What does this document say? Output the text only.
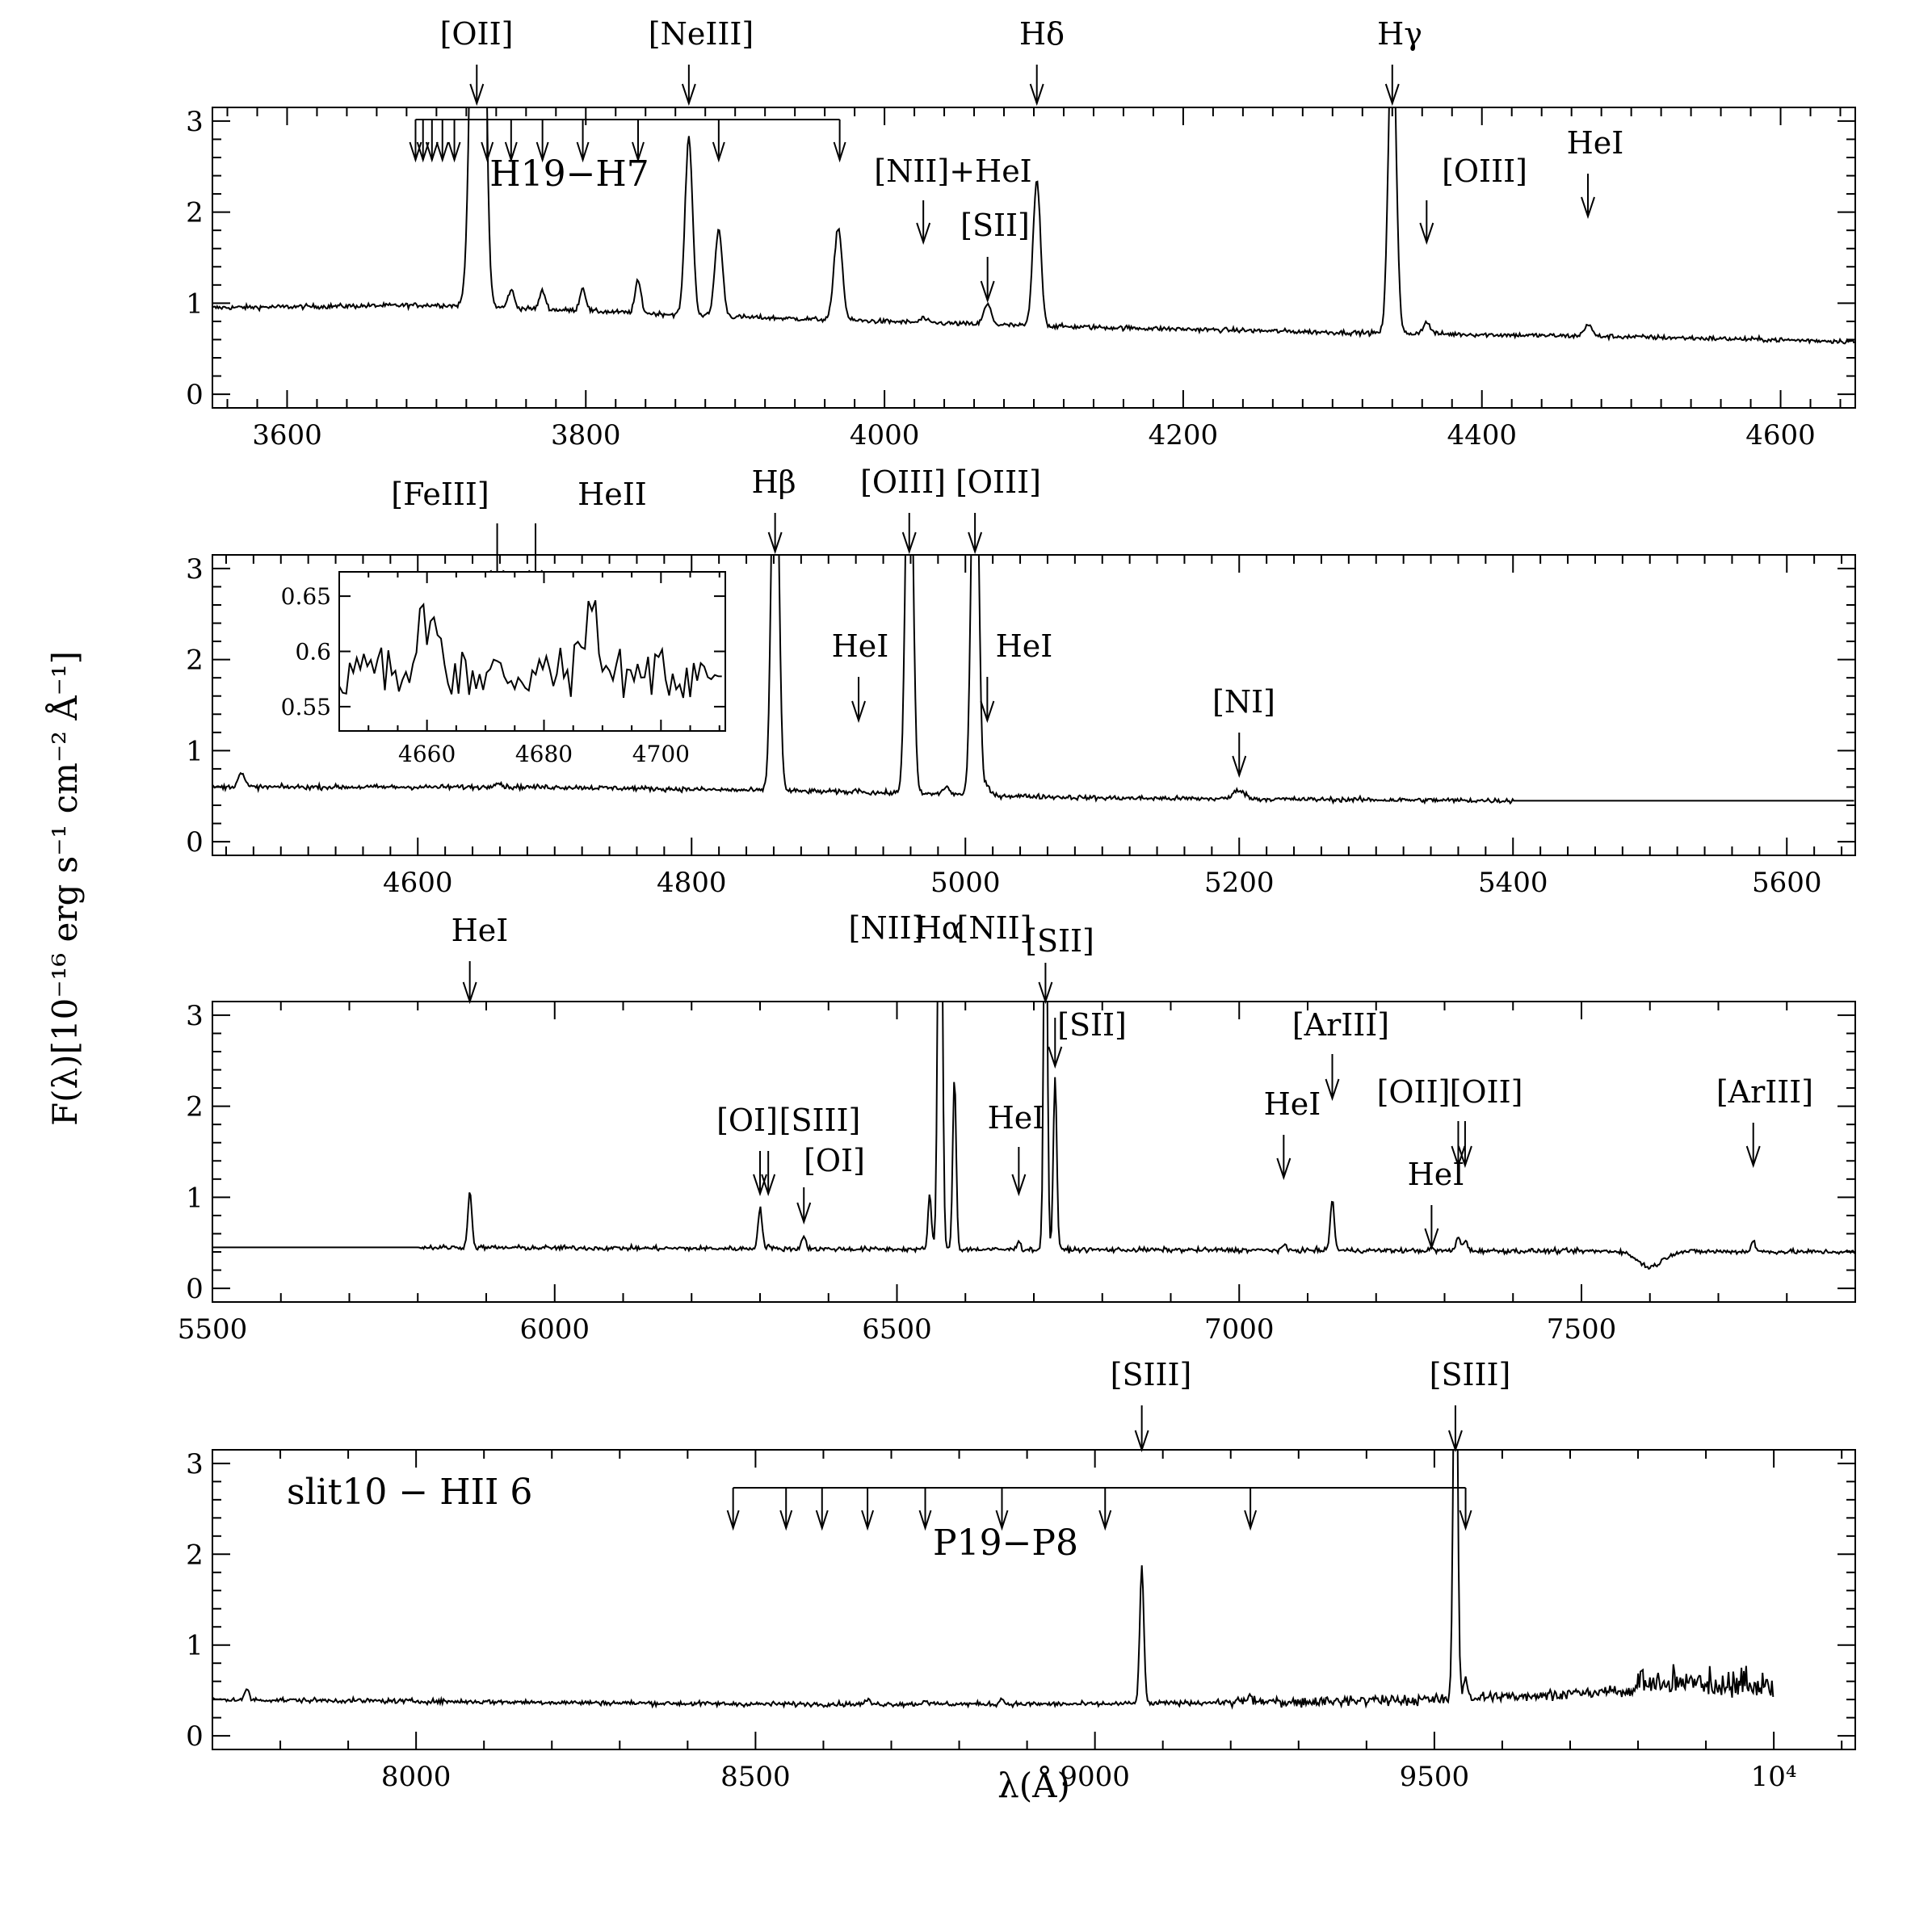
3600	3800	4000	4200	4400	4600
0
1
2
3
[OII]	[NeIII]	Hδ	Hγ
[NII]+HeI
[SII]
[OIII]
HeI
H19−H7
4600	4800	5000	5200	5400	5600
0
1
2
3
[FeIII]	HeII	Hβ [OIII] [OIII]
HeI	HeI
[NI]
4660	4680	4700
0.55
0.6
0.65
5500	6000	6500	7000	7500
0
1
2
3
HeI	[NII]
Hα
[NII]
[SII]
[SII]
[OI] [SIII]
[OI]
HeI	HeI
[ArIII]
[OII] [OII]
HeI
[ArIII]
8000	8500	9000	9500	10⁴
0
1
2
3
[SIII]	[SIII]
P19−P8
F(λ)[10⁻¹⁶ erg s⁻¹ cm⁻² Å⁻¹]
λ(Å)
slit10 − HII 6
